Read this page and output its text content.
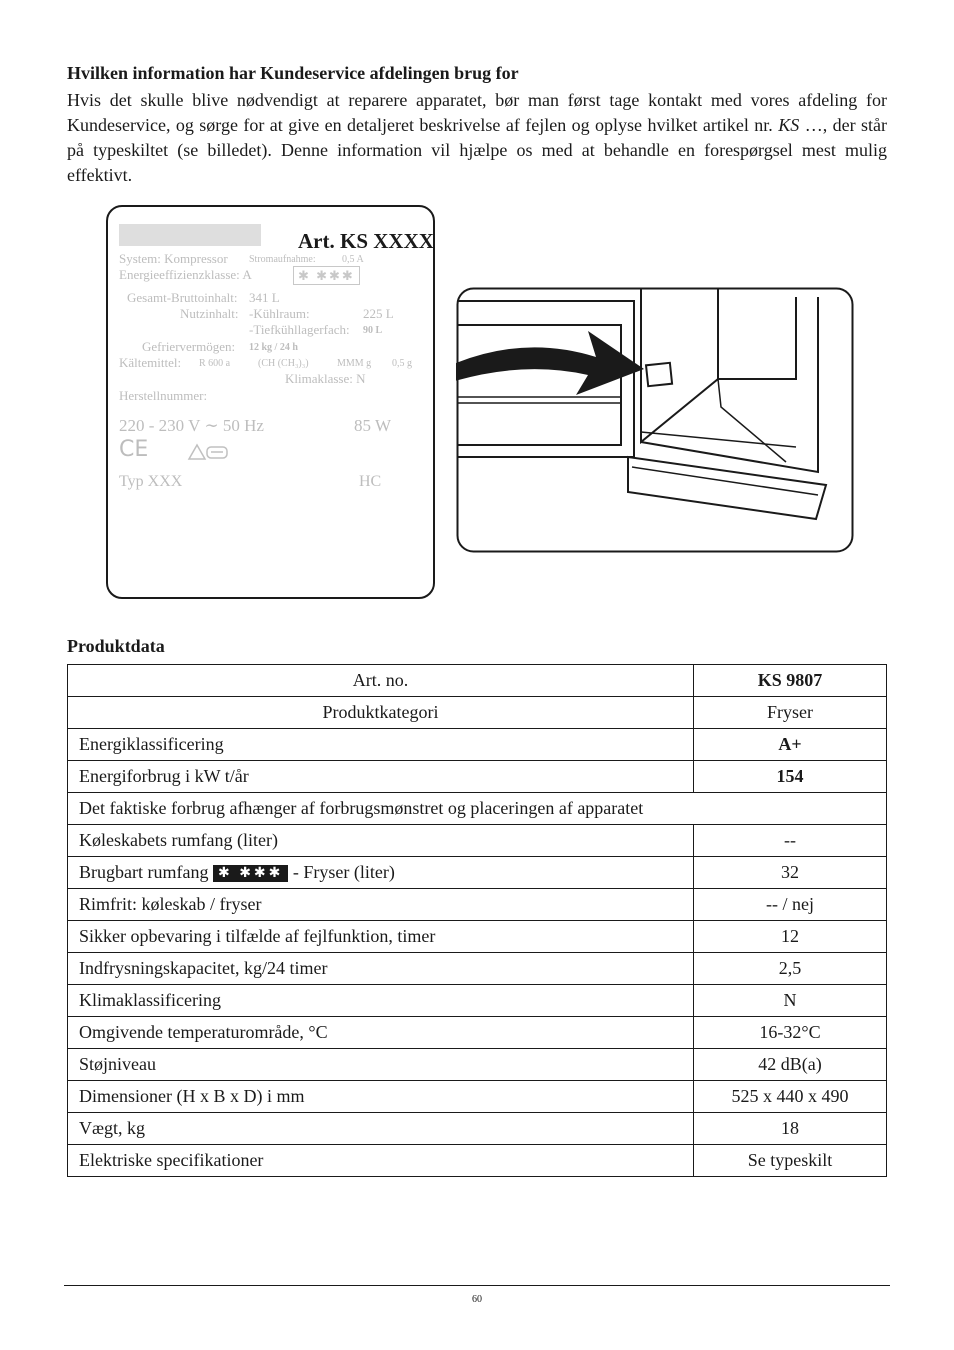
Hvilken information har Kundeservice afdelingen brug for

Hvis det skulle blive nødvendigt at reparere apparatet, bør man først tage kontakt med vores afdeling for Kundeservice, og sørge for at give en detaljeret beskrivelse af fejlen og oplyse hvilket artikel nr. KS …, der står på typeskiltet (se billedet). Denne information vil hjælpe os med at behandle en forespørgsel mest mulig effektivt.

Art. KS XXXX
System: Kompressor Stromaufnahme:	0,5 A
Energieeffizienzklasse: A	✱ ✱✱✱
Gesamt-Bruttoinhalt: 341 L
Nutzinhalt: -Kühlraum:	225 L
-Tiefkühllagerfach: 90 L
Gefriervermögen: 12 kg / 24 h
Kältemittel: R 600 a	(CH (CH₃)₃)	MMM g 0,5 g
Klimaklasse: N
Herstellnummer:
220 - 230 V ∼ 50 Hz	85 W
CE
Typ XXX	HC
Produktdata
Art. no.	KS 9807
Produktkategori	Fryser
Energiklassificering	A+
Energiforbrug i kW t/år	154
Det faktiske forbrug afhænger af forbrugsmønstret og placeringen af apparatet	
Køleskabets rumfang (liter)	--
Brugbart rumfang ✱ ✱✱✱ - Fryser (liter)	32
Rimfrit: køleskab / fryser	-- / nej
Sikker opbevaring i tilfælde af fejlfunktion, timer	12
Indfrysningskapacitet, kg/24 timer	2,5
Klimaklassificering	N
Omgivende temperaturområde, °C	16-32°C
Støjniveau	42 dB(a)
Dimensioner (H x B x D) i mm	525 x 440 x 490
Vægt, kg	18
Elektriske specifikationer	Se typeskilt
60
